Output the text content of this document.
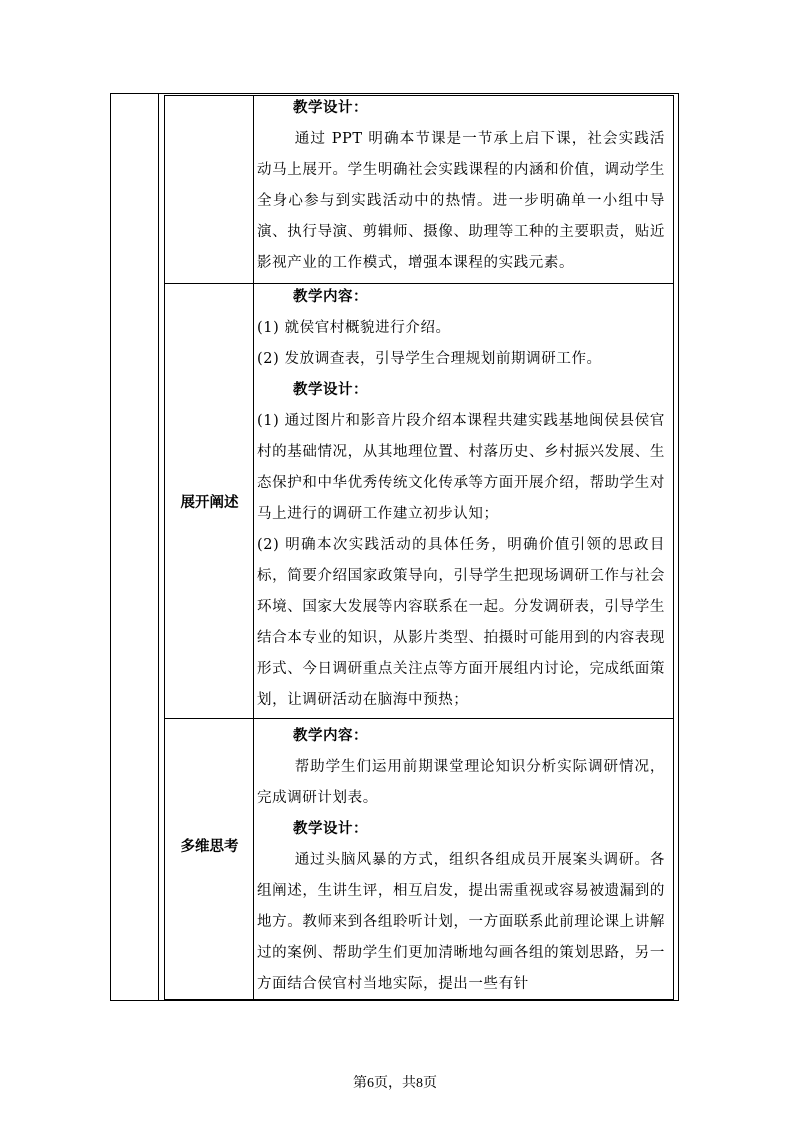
教学设计：
通过 PPT 明确本节课是一节承上启下课，社会实践活动马上展开。学生明确社会实践课程的内涵和价值，调动学生全身心参与到实践活动中的热情。进一步明确单一小组中导演、执行导演、剪辑师、摄像、助理等工种的主要职责，贴近影视产业的工作模式，增强本课程的实践元素。
展开阐述
教学内容：
(1) 就侯官村概貌进行介绍。
(2) 发放调查表，引导学生合理规划前期调研工作。
教学设计：
(1) 通过图片和影音片段介绍本课程共建实践基地闽侯县侯官村的基础情况，从其地理位置、村落历史、乡村振兴发展、生态保护和中华优秀传统文化传承等方面开展介绍，帮助学生对马上进行的调研工作建立初步认知；
(2) 明确本次实践活动的具体任务，明确价值引领的思政目标，简要介绍国家政策导向，引导学生把现场调研工作与社会环境、国家大发展等内容联系在一起。分发调研表，引导学生结合本专业的知识，从影片类型、拍摄时可能用到的内容表现形式、今日调研重点关注点等方面开展组内讨论，完成纸面策划，让调研活动在脑海中预热；
多维思考
教学内容：
帮助学生们运用前期课堂理论知识分析实际调研情况，完成调研计划表。
教学设计：
通过头脑风暴的方式，组织各组成员开展案头调研。各组阐述，生讲生评，相互启发，提出需重视或容易被遗漏到的地方。教师来到各组聆听计划，一方面联系此前理论课上讲解过的案例、帮助学生们更加清晰地勾画各组的策划思路，另一方面结合侯官村当地实际，提出一些有针
第6页，共8页
